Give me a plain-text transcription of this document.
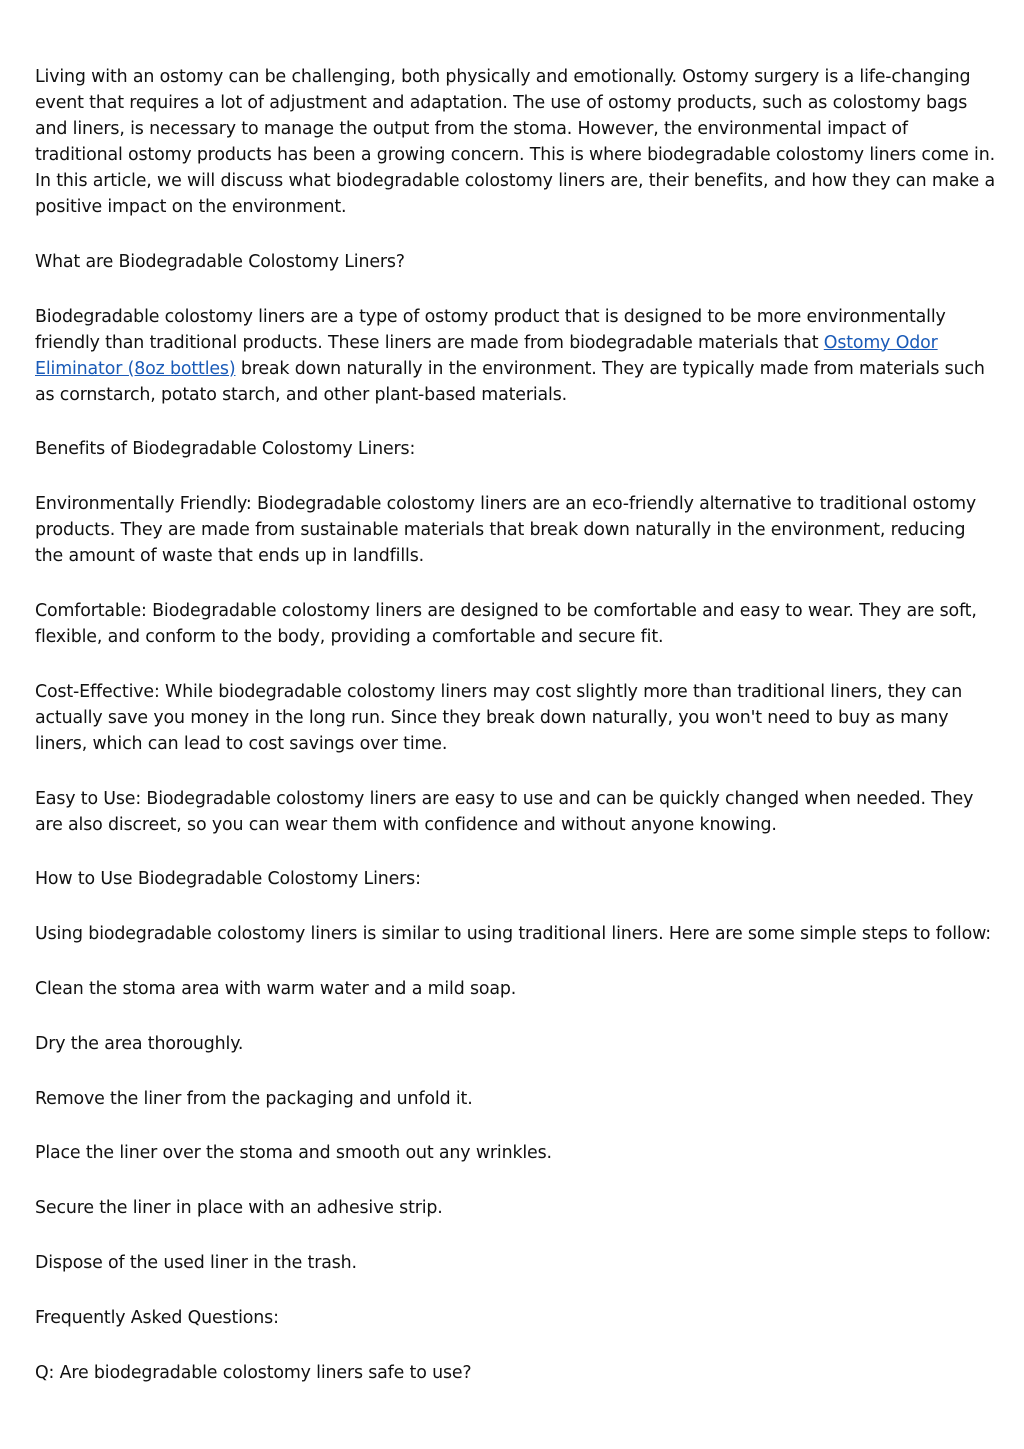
Living with an ostomy can be challenging, both physically and emotionally. Ostomy surgery is a life-changing event that requires a lot of adjustment and adaptation. The use of ostomy products, such as colostomy bags and liners, is necessary to manage the output from the stoma. However, the environmental impact of traditional ostomy products has been a growing concern. This is where biodegradable colostomy liners come in. In this article, we will discuss what biodegradable colostomy liners are, their benefits, and how they can make a positive impact on the environment.

What are Biodegradable Colostomy Liners?

Biodegradable colostomy liners are a type of ostomy product that is designed to be more environmentally friendly than traditional products. These liners are made from biodegradable materials that Ostomy Odor Eliminator (8oz bottles) break down naturally in the environment. They are typically made from materials such as cornstarch, potato starch, and other plant-based materials.

Benefits of Biodegradable Colostomy Liners:

Environmentally Friendly: Biodegradable colostomy liners are an eco-friendly alternative to traditional ostomy products. They are made from sustainable materials that break down naturally in the environment, reducing the amount of waste that ends up in landfills.

Comfortable: Biodegradable colostomy liners are designed to be comfortable and easy to wear. They are soft, flexible, and conform to the body, providing a comfortable and secure fit.

Cost-Effective: While biodegradable colostomy liners may cost slightly more than traditional liners, they can actually save you money in the long run. Since they break down naturally, you won't need to buy as many liners, which can lead to cost savings over time.

Easy to Use: Biodegradable colostomy liners are easy to use and can be quickly changed when needed. They are also discreet, so you can wear them with confidence and without anyone knowing.

How to Use Biodegradable Colostomy Liners:

Using biodegradable colostomy liners is similar to using traditional liners. Here are some simple steps to follow:

Clean the stoma area with warm water and a mild soap.

Dry the area thoroughly.

Remove the liner from the packaging and unfold it.

Place the liner over the stoma and smooth out any wrinkles.

Secure the liner in place with an adhesive strip.

Dispose of the used liner in the trash.

Frequently Asked Questions:

Q: Are biodegradable colostomy liners safe to use?
